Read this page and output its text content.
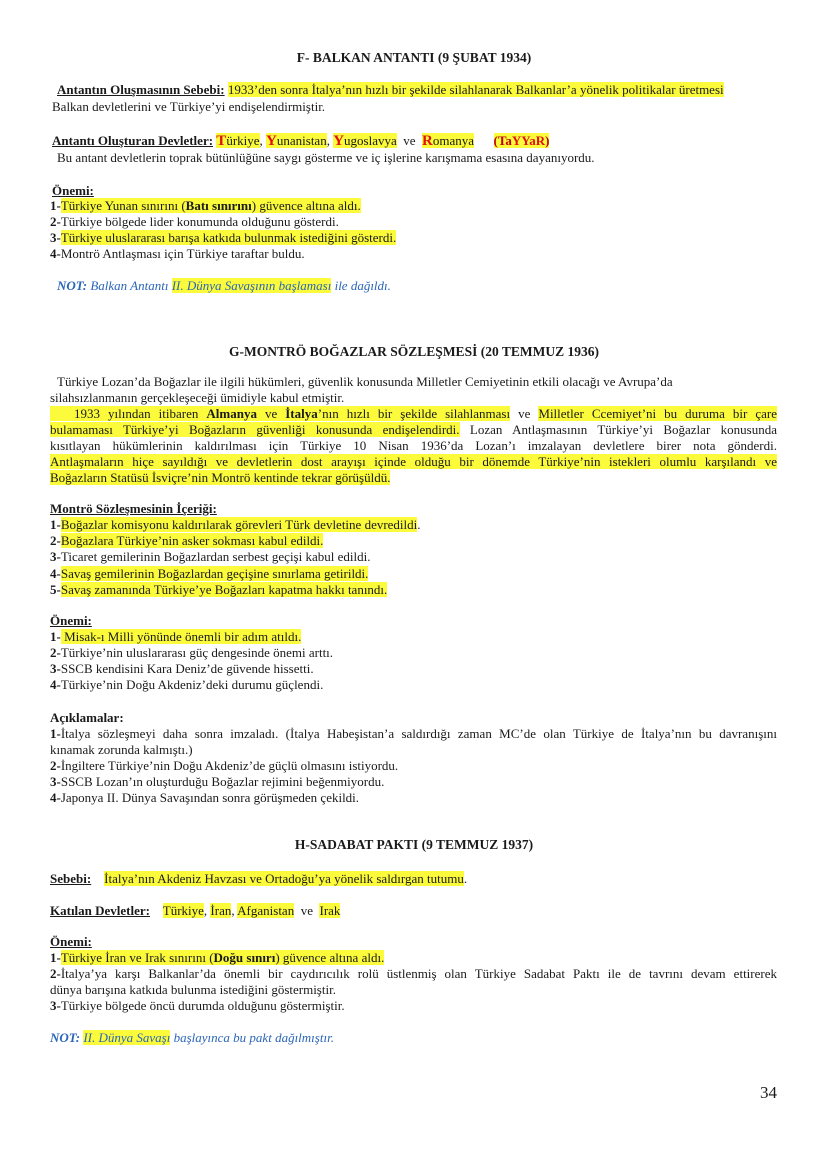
F- BALKAN ANTANTI (9 ŞUBAT 1934)
Antantın Oluşmasının Sebebi: 1933’den sonra İtalya’nın hızlı bir şekilde silahlanarak Balkanlar’a yönelik politikalar üretmesi
Balkan devletlerini ve Türkiye’yi endişelendirmiştir.
Antantı Oluşturan Devletler: Türkiye, Yunanistan, Yugoslavya ve Romanya (TaYYaR)
Bu antant devletlerin toprak bütünlüğüne saygı gösterme ve iç işlerine karışmama esasına dayanıyordu.
Önemi:
1-Türkiye Yunan sınırını (Batı sınırını) güvence altına aldı.
2-Türkiye bölgede lider konumunda olduğunu gösterdi.
3-Türkiye uluslararası barışa katkıda bulunmak istediğini gösterdi.
4-Montrö Antlaşması için Türkiye taraftar buldu.
NOT: Balkan Antantı II. Dünya Savaşının başlaması ile dağıldı.
G-MONTRÖ BOĞAZLAR SÖZLEŞMESİ (20 TEMMUZ 1936)
Türkiye Lozan’da Boğazlar ile ilgili hükümleri, güvenlik konusunda Milletler Cemiyetinin etkili olacağı ve Avrupa’da
silahsızlanmanın gerçekleşeceği ümidiyle kabul etmiştir.
1933 yılından itibaren Almanya ve İtalya’nın hızlı bir şekilde silahlanması ve Milletler Ccemiyet’ni bu duruma bir çare
bulamaması Türkiye’yi Boğazların güvenliği konusunda endişelendirdi. Lozan Antlaşmasının Türkiye’yi Boğazlar konusunda
kısıtlayan hükümlerinin kaldırılması için Türkiye 10 Nisan 1936’da Lozan’ı imzalayan devletlere birer nota gönderdi.
Antlaşmaların hiçe sayıldığı ve devletlerin dost arayışı içinde olduğu bir dönemde Türkiye’nin istekleri olumlu karşılandı ve
Boğazların Statüsü İsviçre’nin Montrö kentinde tekrar görüşüldü.
Montrö Sözleşmesinin İçeriği:
1-Boğazlar komisyonu kaldırılarak görevleri Türk devletine devredildi.
2-Boğazlara Türkiye’nin asker sokması kabul edildi.
3-Ticaret gemilerinin Boğazlardan serbest geçişi kabul edildi.
4-Savaş gemilerinin Boğazlardan geçişine sınırlama getirildi.
5-Savaş zamanında Türkiye’ye Boğazları kapatma hakkı tanındı.
Önemi:
1- Misak-ı Milli yönünde önemli bir adım atıldı.
2-Türkiye’nin uluslararası güç dengesinde önemi arttı.
3-SSCB kendisini Kara Deniz’de güvende hissetti.
4-Türkiye’nin Doğu Akdeniz’deki durumu güçlendi.
Açıklamalar:
1-İtalya sözleşmeyi daha sonra imzaladı. (İtalya Habeşistan’a saldırdığı zaman MC’de olan Türkiye de İtalya’nın bu davranışını
kınamak zorunda kalmıştı.)
2-İngiltere Türkiye’nin Doğu Akdeniz’de güçlü olmasını istiyordu.
3-SSCB Lozan’ın oluşturduğu Boğazlar rejimini beğenmiyordu.
4-Japonya II. Dünya Savaşından sonra görüşmeden çekildi.
H-SADABAT PAKTI (9 TEMMUZ 1937)
Sebebi: İtalya’nın Akdeniz Havzası ve Ortadoğu’ya yönelik saldırgan tutumu.
Katılan Devletler: Türkiye, İran, Afganistan ve Irak
Önemi:
1-Türkiye İran ve Irak sınırını (Doğu sınırı) güvence altına aldı.
2-İtalya’ya karşı Balkanlar’da önemli bir caydırıcılık rolü üstlenmiş olan Türkiye Sadabat Paktı ile de tavrını devam ettirerek
dünya barışına katkıda bulunma istediğini göstermiştir.
3-Türkiye bölgede öncü durumda olduğunu göstermiştir.
NOT: II. Dünya Savaşı başlayınca bu pakt dağılmıştır.
34
